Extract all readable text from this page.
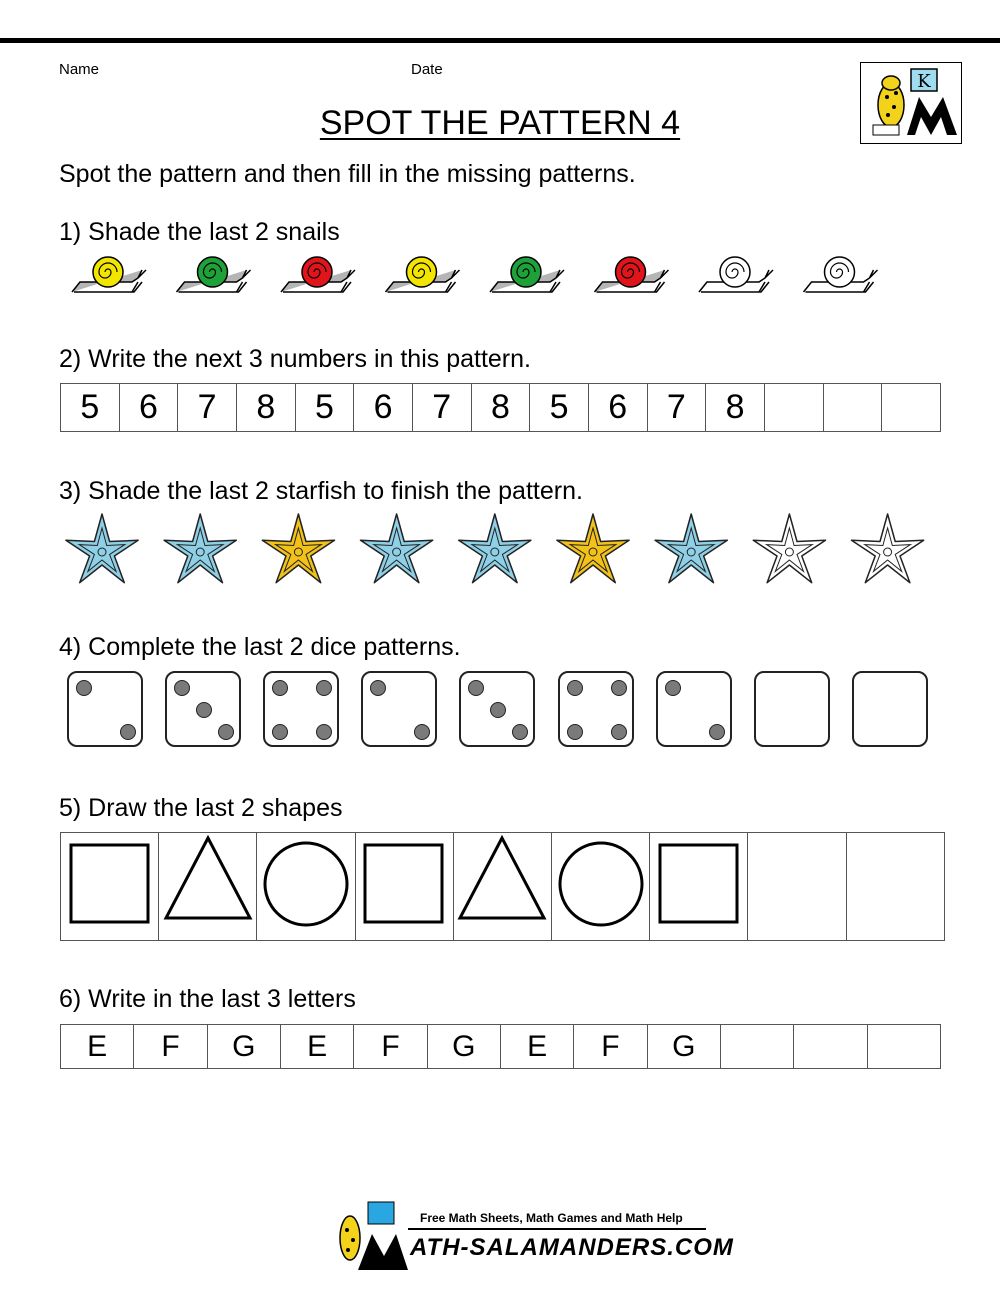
Name	Date
K
SPOT THE PATTERN 4
Spot the pattern and then fill in the missing patterns.
1) Shade the last 2 snails
2) Write the next 3 numbers in this pattern.
5	6	7	8	5	6	7	8	5	6	7	8			
3) Shade the last 2 starfish to finish the pattern.
4) Complete the last 2 dice patterns.
5) Draw the last 2 shapes

6) Write in the last 3 letters
E	F	G	E	F	G	E	F	G			
Free Math Sheets, Math Games and Math Help
ATH-SALAMANDERS.COM
